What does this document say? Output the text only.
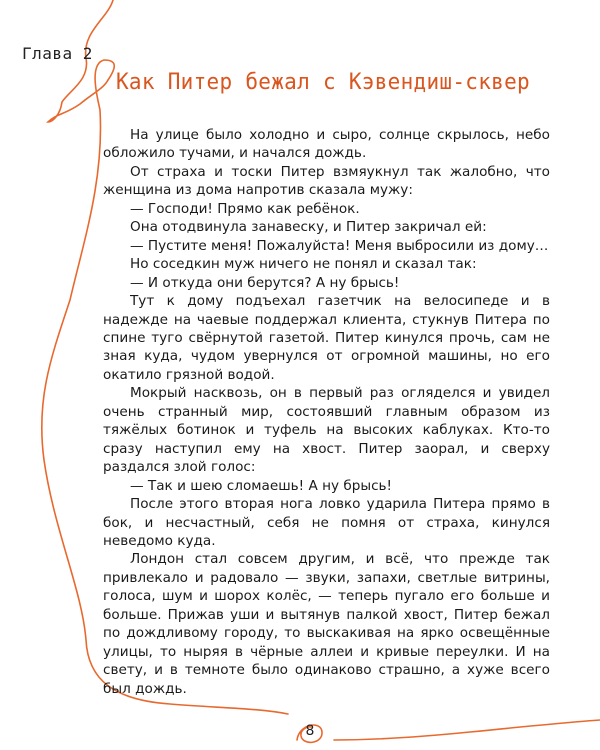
Глава 2
Как Питер бежал с Кэвендиш-сквер

На улице было холодно и сыро, солнце скрылось, небо обложило тучами, и начался дождь.

От страха и тоски Питер взмяукнул так жалобно, что женщина из дома напротив сказала мужу:

— Господи! Прямо как ребёнок.

Она отодвинула занавеску, и Питер закричал ей:

— Пустите меня! Пожалуйста! Меня выбросили из дому…

Но соседкин муж ничего не понял и сказал так:

— И откуда они берутся? А ну брысь!

Тут к дому подъехал газетчик на велосипеде и в надежде на чаевые поддержал клиента, стукнув Питера по спине туго свёрнутой газетой. Питер кинулся прочь, сам не зная куда, чудом увернулся от огромной машины, но его окатило грязной водой.

Мокрый насквозь, он в первый раз огляделся и увидел очень странный мир, состоявший главным образом из тяжёлых ботинок и туфель на высоких каблуках. Кто-то сразу наступил ему на хвост. Питер заорал, и сверху раздался злой голос:

— Так и шею сломаешь! А ну брысь!

После этого вторая нога ловко ударила Питера прямо в бок, и несчастный, себя не помня от страха, кинулся неведомо куда.

Лондон стал совсем другим, и всё, что прежде так привлекало и радовало — звуки, запахи, светлые витрины, голоса, шум и шорох колёс, — теперь пугало его больше и больше. Прижав уши и вытянув палкой хвост, Питер бежал по дождливому городу, то выскакивая на ярко освещённые улицы, то ныряя в чёрные аллеи и кривые переулки. И на свету, и в темноте было одинаково страшно, а хуже всего был дождь.

8
